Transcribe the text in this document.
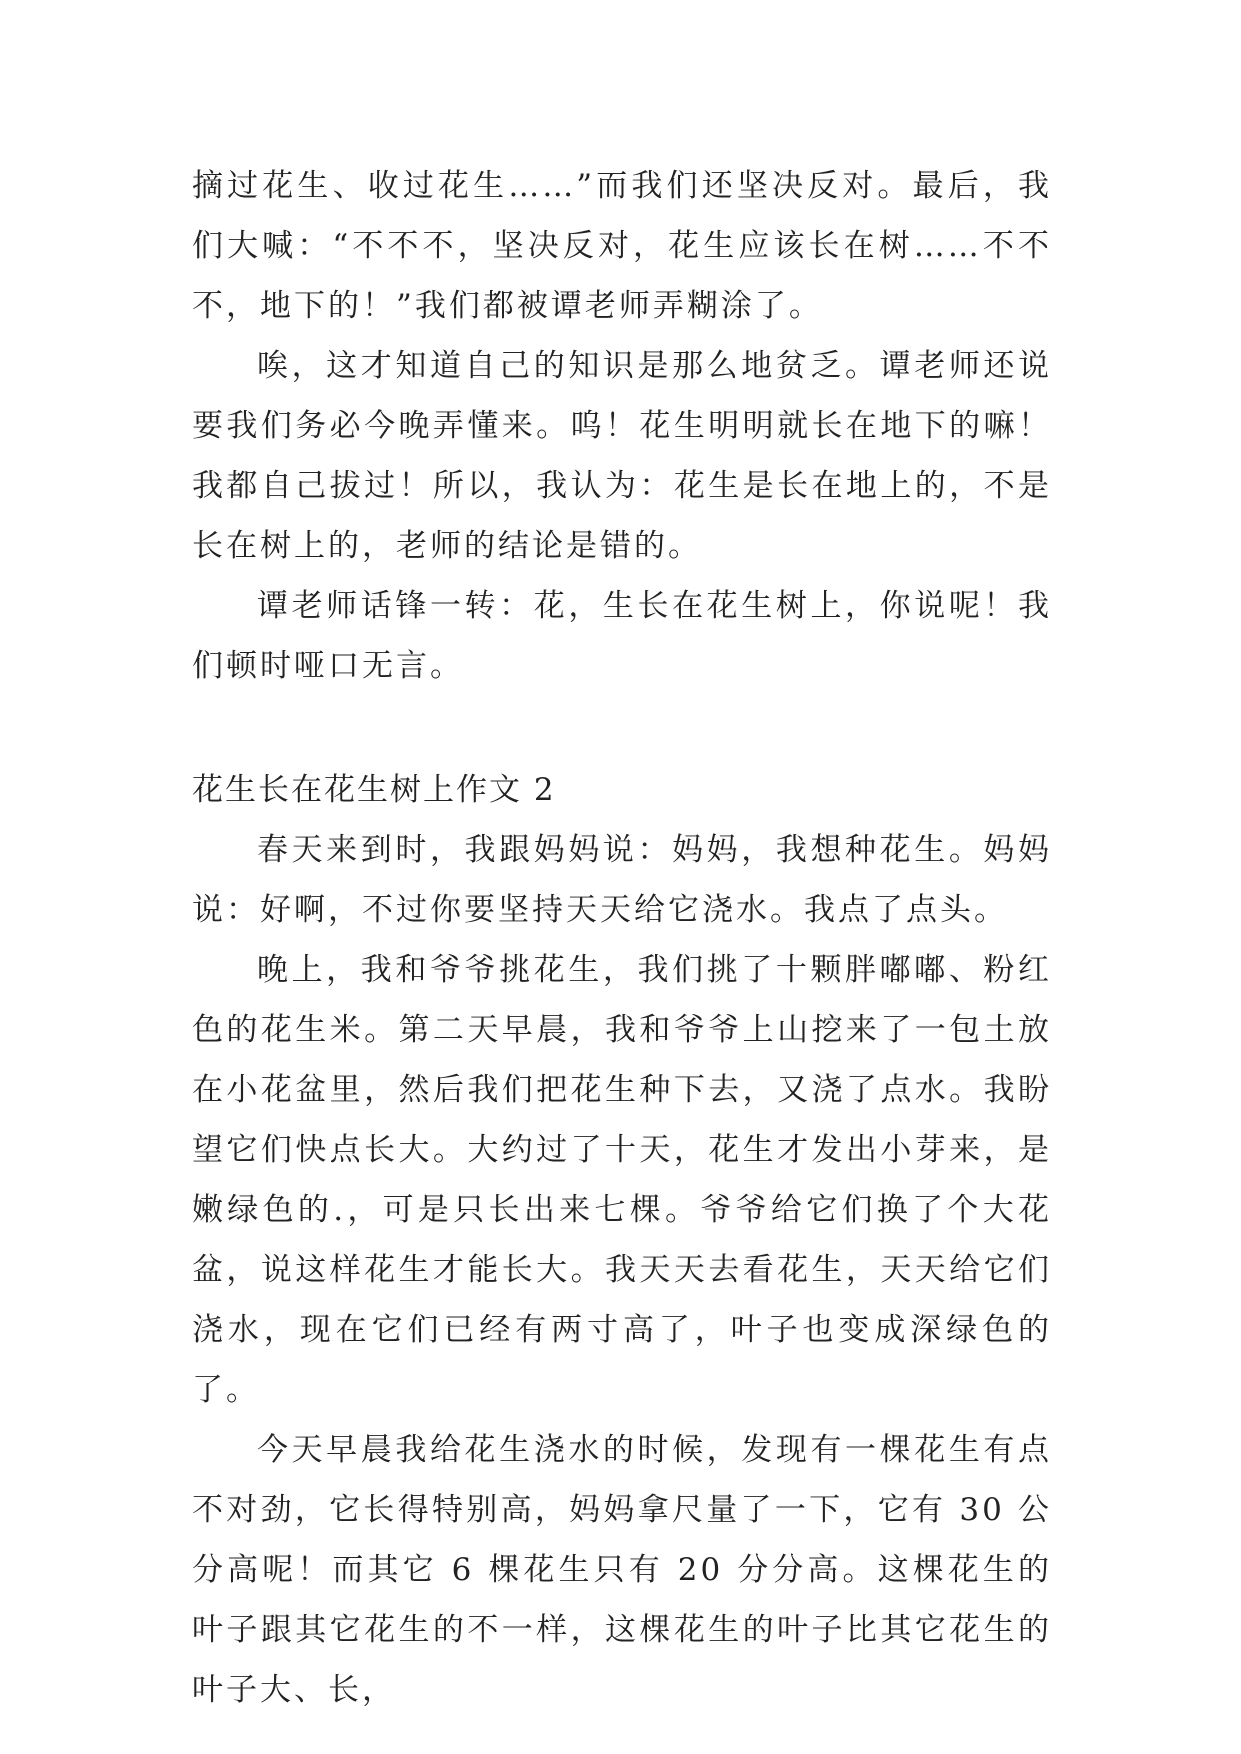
摘过花生、收过花生……”而我们还坚决反对。最后，我们大喊：“不不不，坚决反对，花生应该长在树……不不不，地下的！”我们都被谭老师弄糊涂了。

唉，这才知道自己的知识是那么地贫乏。谭老师还说要我们务必今晚弄懂来。呜！花生明明就长在地下的嘛！我都自己拔过！所以，我认为：花生是长在地上的，不是长在树上的，老师的结论是错的。

谭老师话锋一转：花，生长在花生树上，你说呢！我们顿时哑口无言。

花生长在花生树上作文 2

春天来到时，我跟妈妈说：妈妈，我想种花生。妈妈说：好啊，不过你要坚持天天给它浇水。我点了点头。

晚上，我和爷爷挑花生，我们挑了十颗胖嘟嘟、粉红色的花生米。第二天早晨，我和爷爷上山挖来了一包土放在小花盆里，然后我们把花生种下去，又浇了点水。我盼望它们快点长大。大约过了十天，花生才发出小芽来，是嫩绿色的.，可是只长出来七棵。爷爷给它们换了个大花盆，说这样花生才能长大。我天天去看花生，天天给它们浇水，现在它们已经有两寸高了，叶子也变成深绿色的了。

今天早晨我给花生浇水的时候，发现有一棵花生有点不对劲，它长得特别高，妈妈拿尺量了一下，它有 30 公分高呢！而其它 6 棵花生只有 20 分分高。这棵花生的叶子跟其它花生的不一样，这棵花生的叶子比其它花生的叶子大、长，
